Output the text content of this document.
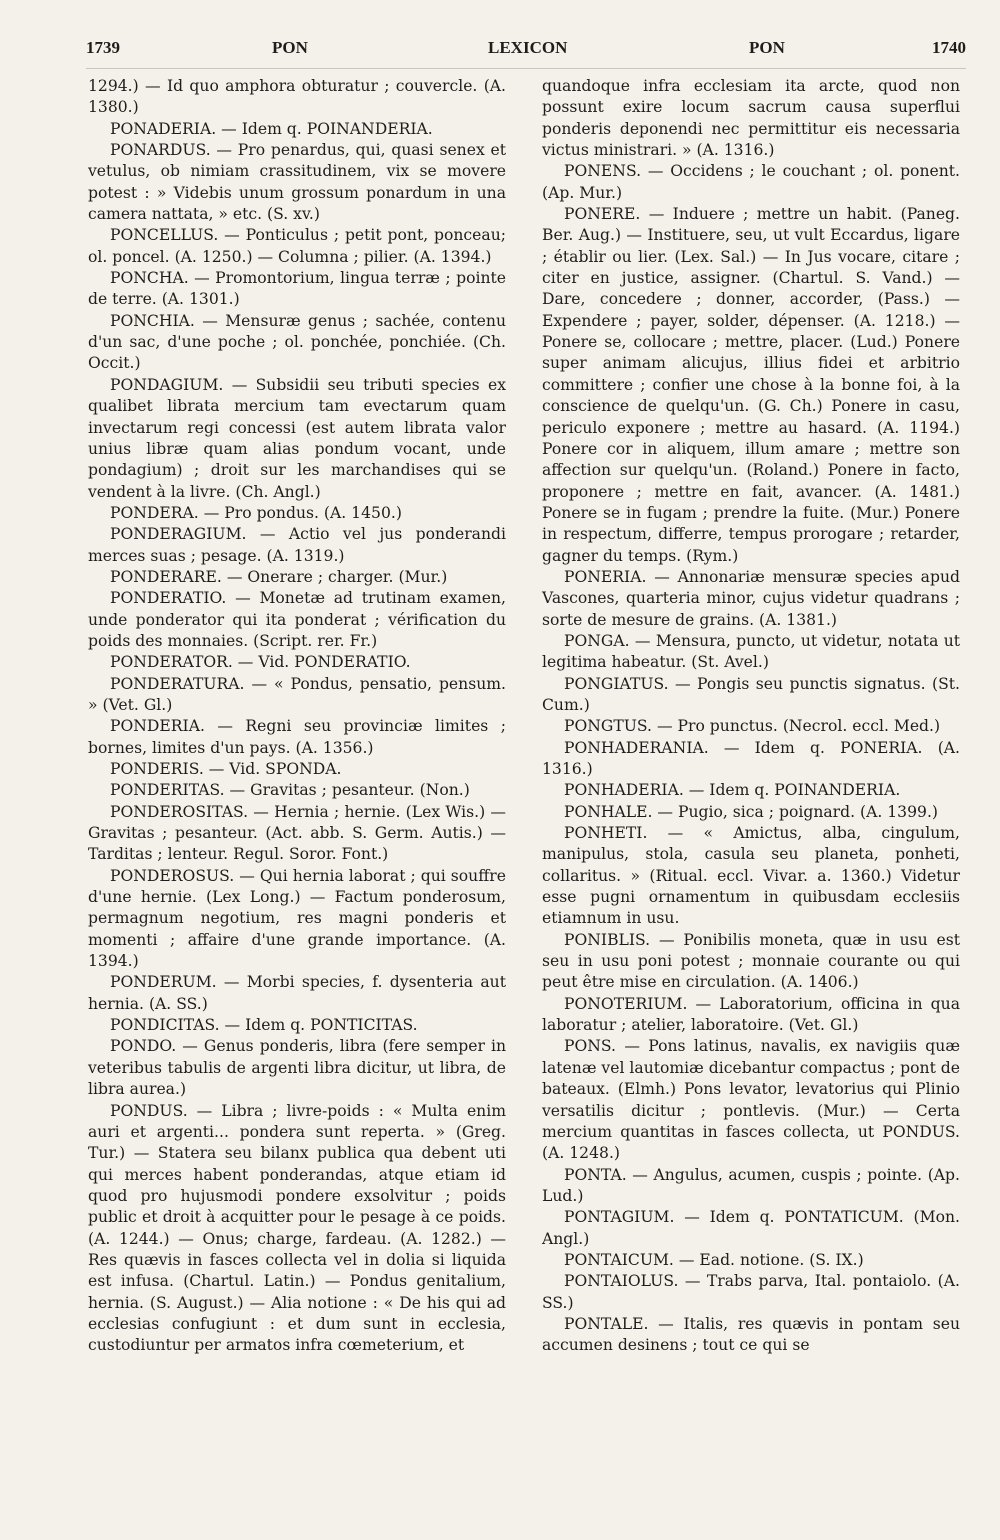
1739	PON	LEXICON	PON	1740

1294.) — Id quo amphora obturatur ; couvercle. (A. 1380.)

PONADERIA. — Idem q. POINANDERIA.

PONARDUS. — Pro penardus, qui, quasi senex et vetulus, ob nimiam crassitudinem, vix se movere potest : » Videbis unum grossum ponardum in una camera nattata, » etc. (S. xv.)

PONCELLUS. — Ponticulus ; petit pont, ponceau; ol. poncel. (A. 1250.) — Columna ; pilier. (A. 1394.)

PONCHA. — Promontorium, lingua terræ ; pointe de terre. (A. 1301.)

PONCHIA. — Mensuræ genus ; sachée, contenu d'un sac, d'une poche ; ol. ponchée, ponchiée. (Ch. Occit.)

PONDAGIUM. — Subsidii seu tributi species ex qualibet librata mercium tam evectarum quam invectarum regi concessi (est autem librata valor unius libræ quam alias pondum vocant, unde pondagium) ; droit sur les marchandises qui se vendent à la livre. (Ch. Angl.)

PONDERA. — Pro pondus. (A. 1450.)

PONDERAGIUM. — Actio vel jus ponderandi merces suas ; pesage. (A. 1319.)

PONDERARE. — Onerare ; charger. (Mur.)

PONDERATIO. — Monetæ ad trutinam examen, unde ponderator qui ita ponderat ; vérification du poids des monnaies. (Script. rer. Fr.)

PONDERATOR. — Vid. PONDERATIO.

PONDERATURA. — « Pondus, pensatio, pensum. » (Vet. Gl.)

PONDERIA. — Regni seu provinciæ limites ; bornes, limites d'un pays. (A. 1356.)

PONDERIS. — Vid. SPONDA.

PONDERITAS. — Gravitas ; pesanteur. (Non.)

PONDEROSITAS. — Hernia ; hernie. (Lex Wis.) — Gravitas ; pesanteur. (Act. abb. S. Germ. Autis.) — Tarditas ; lenteur. Regul. Soror. Font.)

PONDEROSUS. — Qui hernia laborat ; qui souffre d'une hernie. (Lex Long.) — Factum ponderosum, permagnum negotium, res magni ponderis et momenti ; affaire d'une grande importance. (A. 1394.)

PONDERUM. — Morbi species, f. dysenteria aut hernia. (A. SS.)

PONDICITAS. — Idem q. PONTICITAS.

PONDO. — Genus ponderis, libra (fere semper in veteribus tabulis de argenti libra dicitur, ut libra, de libra aurea.)

PONDUS. — Libra ; livre-poids : « Multa enim auri et argenti... pondera sunt reperta. » (Greg. Tur.) — Statera seu bilanx publica qua debent uti qui merces habent ponderandas, atque etiam id quod pro hujusmodi pondere exsolvitur ; poids public et droit à acquitter pour le pesage à ce poids. (A. 1244.) — Onus; charge, fardeau. (A. 1282.) — Res quævis in fasces collecta vel in dolia si liquida est infusa. (Chartul. Latin.) — Pondus genitalium, hernia. (S. August.) — Alia notione : « De his qui ad ecclesias confugiunt : et dum sunt in ecclesia, custodiuntur per armatos infra cœmeterium, et

quandoque infra ecclesiam ita arcte, quod non possunt exire locum sacrum causa superflui ponderis deponendi nec permittitur eis necessaria victus ministrari. » (A. 1316.)

PONENS. — Occidens ; le couchant ; ol. ponent. (Ap. Mur.)

PONERE. — Induere ; mettre un habit. (Paneg. Ber. Aug.) — Instituere, seu, ut vult Eccardus, ligare ; établir ou lier. (Lex. Sal.) — In Jus vocare, citare ; citer en justice, assigner. (Chartul. S. Vand.) — Dare, concedere ; donner, accorder, (Pass.) — Expendere ; payer, solder, dépenser. (A. 1218.) — Ponere se, collocare ; mettre, placer. (Lud.) Ponere super animam alicujus, illius fidei et arbitrio committere ; confier une chose à la bonne foi, à la conscience de quelqu'un. (G. Ch.) Ponere in casu, periculo exponere ; mettre au hasard. (A. 1194.) Ponere cor in aliquem, illum amare ; mettre son affection sur quelqu'un. (Roland.) Ponere in facto, proponere ; mettre en fait, avancer. (A. 1481.) Ponere se in fugam ; prendre la fuite. (Mur.) Ponere in respectum, differre, tempus prorogare ; retarder, gagner du temps. (Rym.)

PONERIA. — Annonariæ mensuræ species apud Vascones, quarteria minor, cujus videtur quadrans ; sorte de mesure de grains. (A. 1381.)

PONGA. — Mensura, puncto, ut videtur, notata ut legitima habeatur. (St. Avel.)

PONGIATUS. — Pongis seu punctis signatus. (St. Cum.)

PONGTUS. — Pro punctus. (Necrol. eccl. Med.)

PONHADERANIA. — Idem q. PONERIA. (A. 1316.)

PONHADERIA. — Idem q. POINANDERIA.

PONHALE. — Pugio, sica ; poignard. (A. 1399.)

PONHETI. — « Amictus, alba, cingulum, manipulus, stola, casula seu planeta, ponheti, collaritus. » (Ritual. eccl. Vivar. a. 1360.) Videtur esse pugni ornamentum in quibusdam ecclesiis etiamnum in usu.

PONIBLIS. — Ponibilis moneta, quæ in usu est seu in usu poni potest ; monnaie courante ou qui peut être mise en circulation. (A. 1406.)

PONOTERIUM. — Laboratorium, officina in qua laboratur ; atelier, laboratoire. (Vet. Gl.)

PONS. — Pons latinus, navalis, ex navigiis quæ latenæ vel lautomiæ dicebantur compactus ; pont de bateaux. (Elmh.) Pons levator, levatorius qui Plinio versatilis dicitur ; pontlevis. (Mur.) — Certa mercium quantitas in fasces collecta, ut PONDUS. (A. 1248.)

PONTA. — Angulus, acumen, cuspis ; pointe. (Ap. Lud.)

PONTAGIUM. — Idem q. PONTATICUM. (Mon. Angl.)

PONTAICUM. — Ead. notione. (S. IX.)

PONTAIOLUS. — Trabs parva, Ital. pontaiolo. (A. SS.)

PONTALE. — Italis, res quævis in pontam seu accumen desinens ; tout ce qui se
